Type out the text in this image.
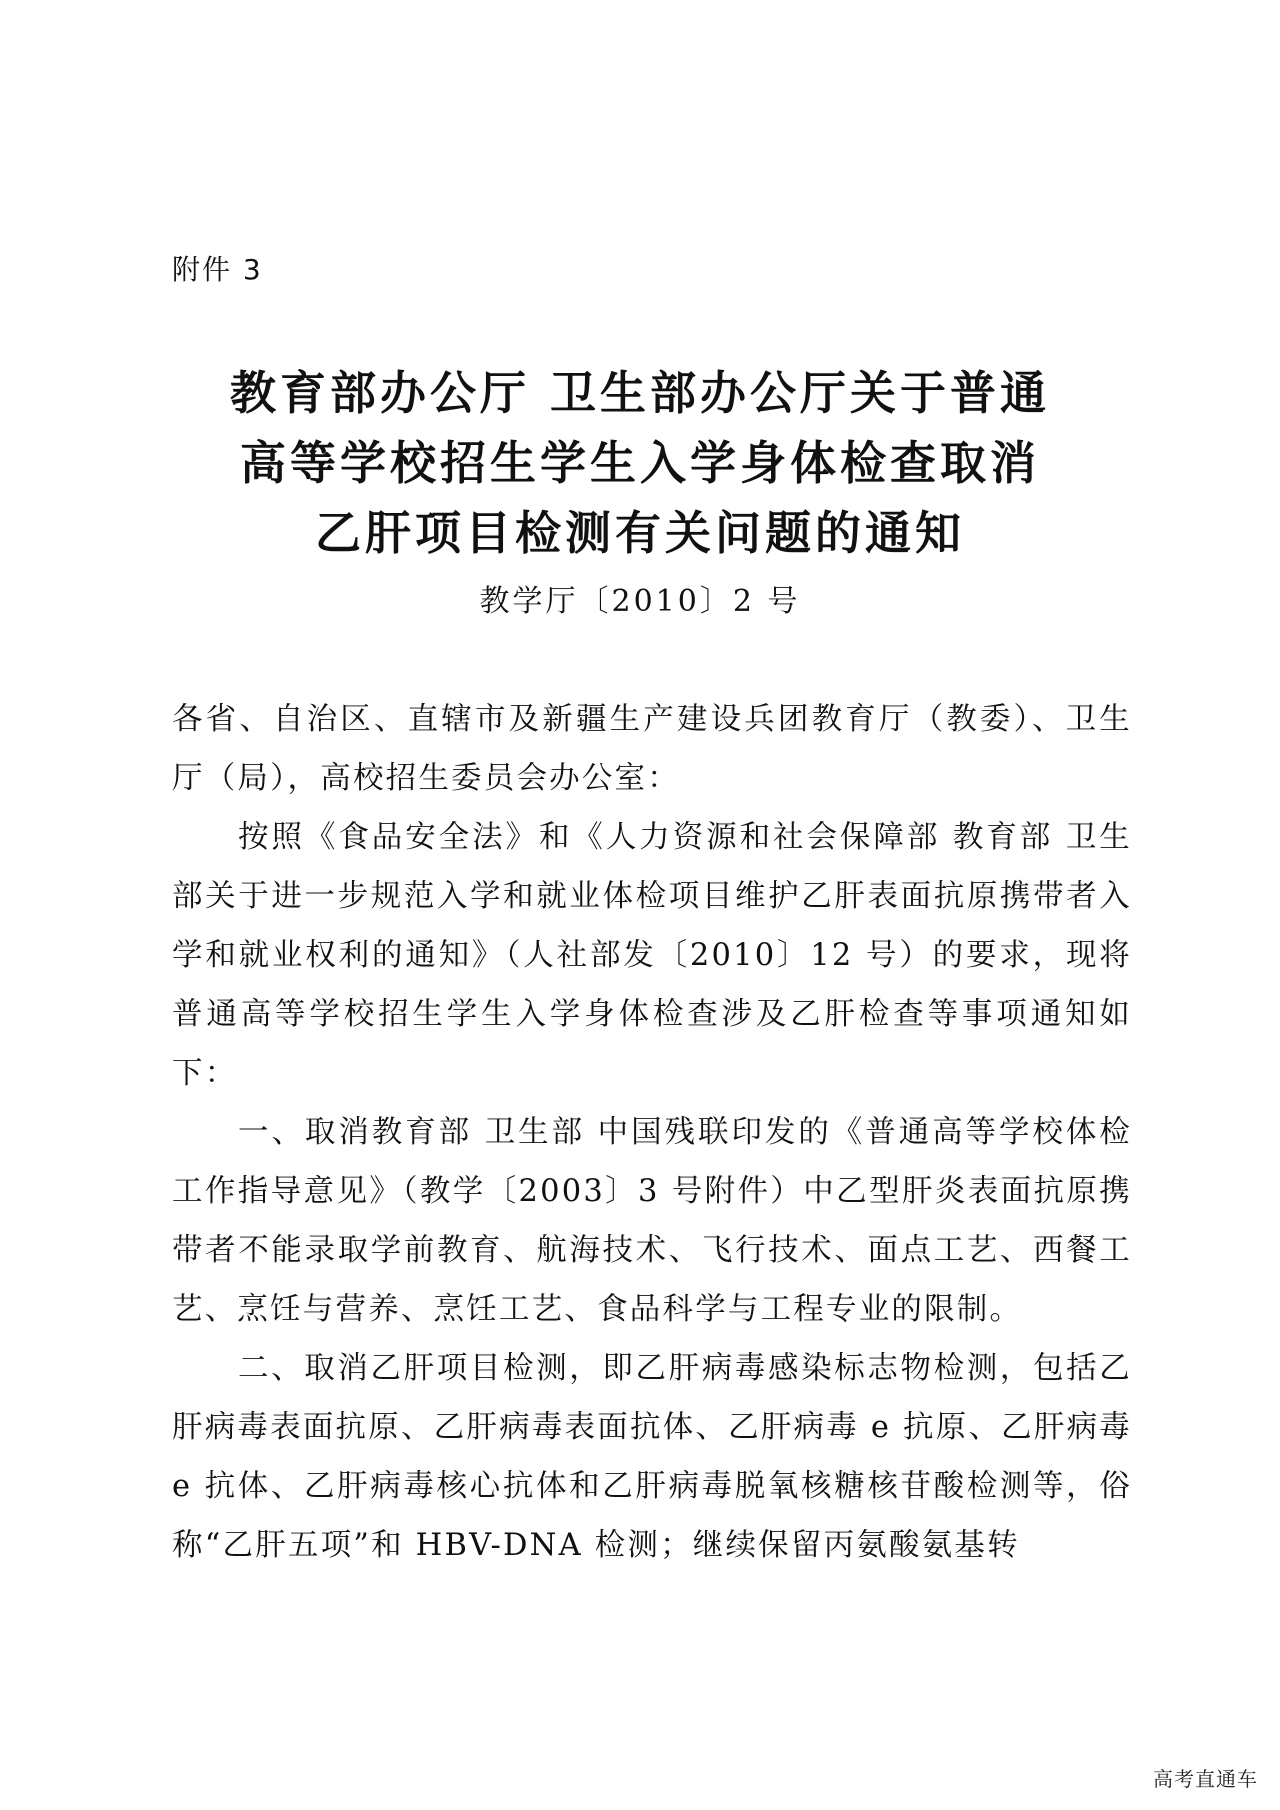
附件 3
教育部办公厅 卫生部办公厅关于普通
高等学校招生学生入学身体检查取消
乙肝项目检测有关问题的通知
教学厅〔2010〕2 号

各省、自治区、直辖市及新疆生产建设兵团教育厅（教委）、卫生厅（局），高校招生委员会办公室：

按照《食品安全法》和《人力资源和社会保障部 教育部 卫生部关于进一步规范入学和就业体检项目维护乙肝表面抗原携带者入学和就业权利的通知》（人社部发〔2010〕12 号）的要求，现将普通高等学校招生学生入学身体检查涉及乙肝检查等事项通知如下：

一、取消教育部 卫生部 中国残联印发的《普通高等学校体检工作指导意见》（教学〔2003〕3 号附件）中乙型肝炎表面抗原携带者不能录取学前教育、航海技术、飞行技术、面点工艺、西餐工艺、烹饪与营养、烹饪工艺、食品科学与工程专业的限制。

二、取消乙肝项目检测，即乙肝病毒感染标志物检测，包括乙肝病毒表面抗原、乙肝病毒表面抗体、乙肝病毒 e 抗原、乙肝病毒 e 抗体、乙肝病毒核心抗体和乙肝病毒脱氧核糖核苷酸检测等，俗称“乙肝五项”和 HBV-DNA 检测；继续保留丙氨酸氨基转

高考直通车
